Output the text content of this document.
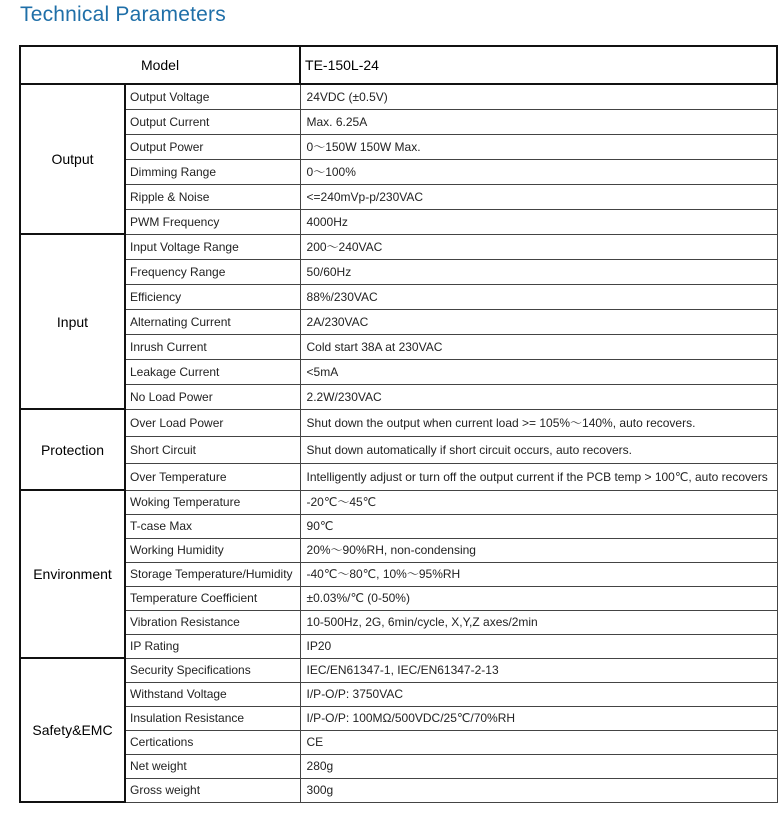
Technical Parameters
Model		TE-150L-24
Output	Output Voltage	24VDC (±0.5V)
	Output Current	Max. 6.25A
	Output Power	0～150W 150W Max.
	Dimming Range	0～100%
	Ripple & Noise	<=240mVp-p/230VAC
	PWM Frequency	4000Hz
Input	Input Voltage Range	200～240VAC
	Frequency Range	50/60Hz
	Efficiency	88%/230VAC
	Alternating Current	2A/230VAC
	Inrush Current	Cold start 38A at 230VAC
	Leakage Current	<5mA
	No Load Power	2.2W/230VAC
Protection	Over Load Power	Shut down the output when current load >= 105%～140%, auto recovers.
	Short Circuit	Shut down automatically if short circuit occurs, auto recovers.
	Over Temperature	Intelligently adjust or turn off the output current if the PCB temp > 100℃, auto recovers
Environment	Woking Temperature	-20℃～45℃
	T-case Max	90℃
	Working Humidity	20%～90%RH, non-condensing
	Storage Temperature/Humidity	-40℃～80℃, 10%～95%RH
	Temperature Coefficient	±0.03%/℃ (0-50%)
	Vibration Resistance	10-500Hz, 2G, 6min/cycle, X,Y,Z axes/2min
	IP Rating	IP20
Safety&EMC	Security Specifications	IEC/EN61347-1, IEC/EN61347-2-13
	Withstand Voltage	I/P-O/P: 3750VAC
	Insulation Resistance	I/P-O/P: 100MΩ/500VDC/25℃/70%RH
	Certications	CE
	Net weight	280g
	Gross weight	300g
